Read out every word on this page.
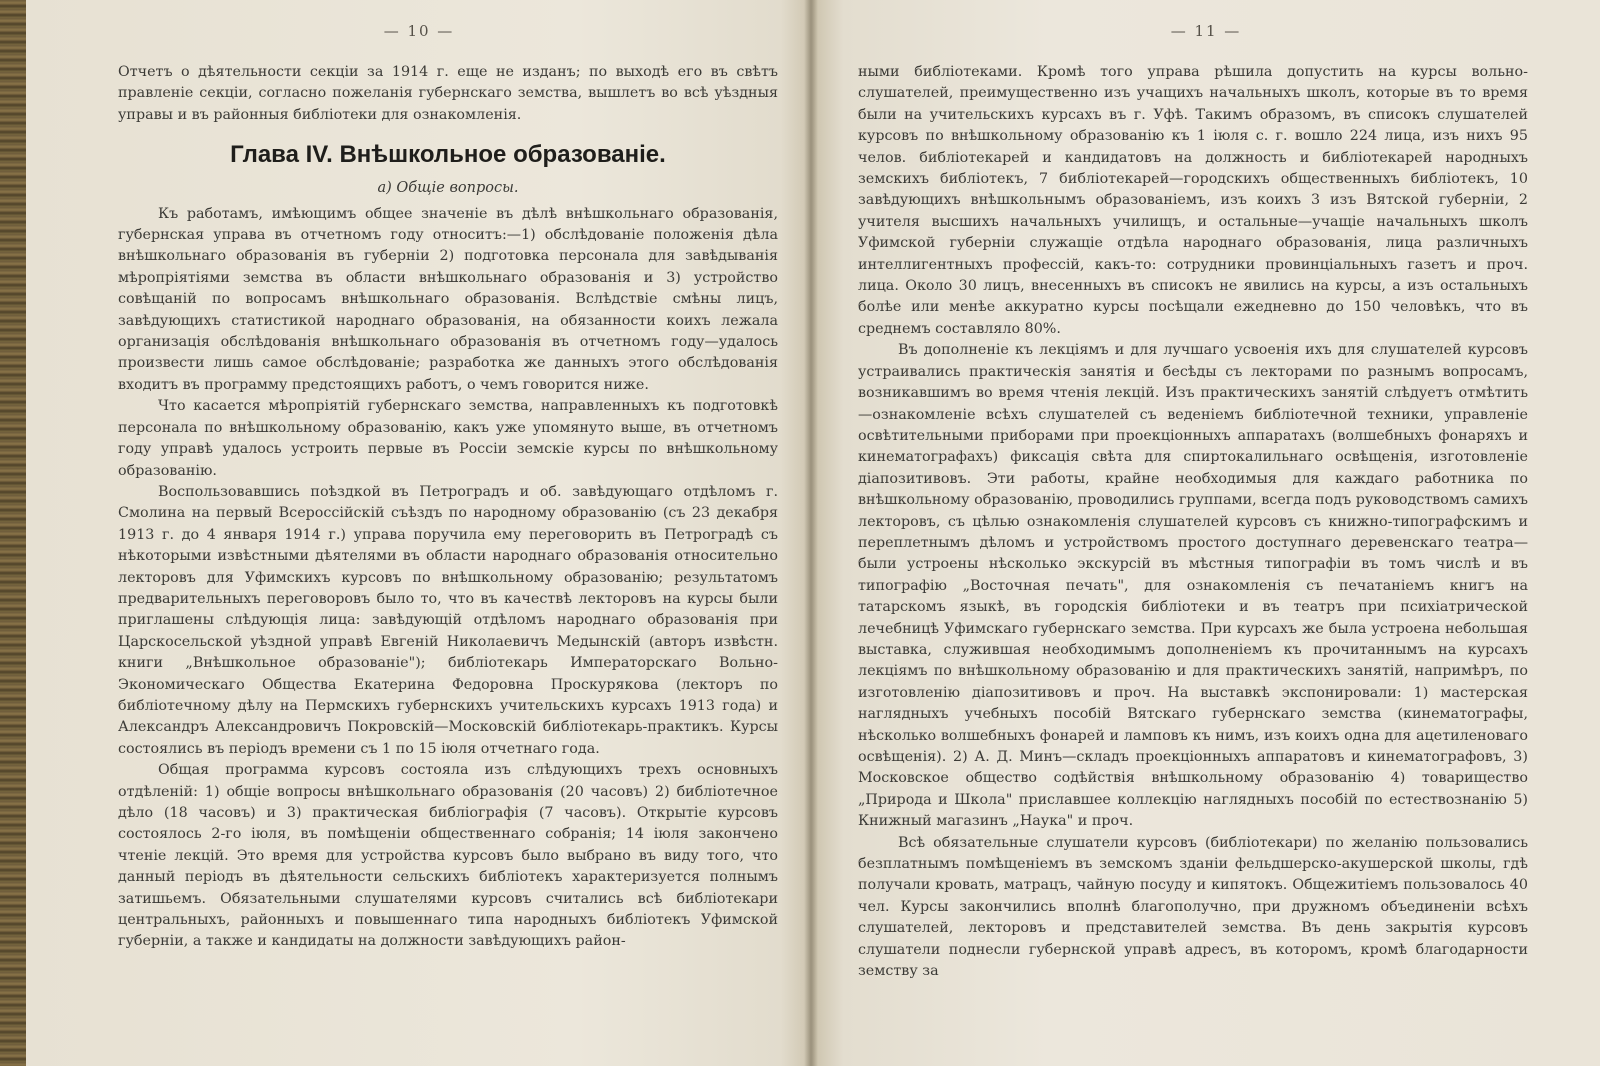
— 10 —

Отчетъ о дѣятельности секціи за 1914 г. еще не изданъ; по выходѣ его въ свѣтъ правленіе секціи, согласно пожеланія губернскаго земства, вышлетъ во всѣ уѣздныя управы и въ районныя библіотеки для ознакомленія.

Глава IV. Внѣшкольное образованіе.
а) Общіе вопросы.

Къ работамъ, имѣющимъ общее значеніе въ дѣлѣ внѣшкольнаго образованія, губернская управа въ отчетномъ году относитъ:—1) обслѣдованіе положенія дѣла внѣшкольнаго образованія въ губерніи 2) подготовка персонала для завѣдыванія мѣропріятіями земства въ области внѣшкольнаго образованія и 3) устройство совѣщаній по вопросамъ внѣшкольнаго образованія. Вслѣдствіе смѣны лицъ, завѣдующихъ статистикой народнаго образованія, на обязанности коихъ лежала организація обслѣдованія внѣшкольнаго образованія въ отчетномъ году—удалось произвести лишь самое обслѣдованіе; разработка же данныхъ этого обслѣдованія входитъ въ программу предстоящихъ работъ, о чемъ говорится ниже.

Что касается мѣропріятій губернскаго земства, направленныхъ къ подготовкѣ персонала по внѣшкольному образованію, какъ уже упомянуто выше, въ отчетномъ году управѣ удалось устроить первые въ Россіи земскіе курсы по внѣшкольному образованію.

Воспользовавшись поѣздкой въ Петроградъ и об. завѣдующаго отдѣломъ г. Смолина на первый Всероссійскій съѣздъ по народному образованію (съ 23 декабря 1913 г. до 4 января 1914 г.) управа поручила ему переговорить въ Петроградѣ съ нѣкоторыми извѣстными дѣятелями въ области народнаго образованія относительно лекторовъ для Уфимскихъ курсовъ по внѣшкольному образованію; результатомъ предварительныхъ переговоровъ было то, что въ качествѣ лекторовъ на курсы были приглашены слѣдующія лица: завѣдующій отдѣломъ народнаго образованія при Царскосельской уѣздной управѣ Евгеній Николаевичъ Медынскій (авторъ извѣстн. книги „Внѣшкольное образованіе"); библіотекарь Императорскаго Вольно-Экономическаго Общества Екатерина Федоровна Проскурякова (лекторъ по библіотечному дѣлу на Пермскихъ губернскихъ учительскихъ курсахъ 1913 года) и Александръ Александровичъ Покровскій—Московскій библіотекарь-практикъ. Курсы состоялись въ періодъ времени съ 1 по 15 іюля отчетнаго года.

Общая программа курсовъ состояла изъ слѣдующихъ трехъ основныхъ отдѣленій: 1) общіе вопросы внѣшкольнаго образованія (20 часовъ) 2) библіотечное дѣло (18 часовъ) и 3) практическая библіографія (7 часовъ). Открытіе курсовъ состоялось 2-го іюля, въ помѣщеніи общественнаго собранія; 14 іюля закончено чтеніе лекцій. Это время для устройства курсовъ было выбрано въ виду того, что данный періодъ въ дѣятельности сельскихъ библіотекъ характеризуется полнымъ затишьемъ. Обязательными слушателями курсовъ считались всѣ библіотекари центральныхъ, районныхъ и повышеннаго типа народныхъ библіотекъ Уфимской губерніи, а также и кандидаты на должности завѣдующихъ район-

— 11 —

ными библіотеками. Кромѣ того управа рѣшила допустить на курсы вольно-слушателей, преимущественно изъ учащихъ начальныхъ школъ, которые въ то время были на учительскихъ курсахъ въ г. Уфѣ. Такимъ образомъ, въ списокъ слушателей курсовъ по внѣшкольному образованію къ 1 іюля с. г. вошло 224 лица, изъ нихъ 95 челов. библіотекарей и кандидатовъ на должность и библіотекарей народныхъ земскихъ библіотекъ, 7 библіотекарей—городскихъ общественныхъ библіотекъ, 10 завѣдующихъ внѣшкольнымъ образованіемъ, изъ коихъ 3 изъ Вятской губерніи, 2 учителя высшихъ начальныхъ училищъ, и остальные—учащіе начальныхъ школъ Уфимской губерніи служащіе отдѣла народнаго образованія, лица различныхъ интеллигентныхъ профессій, какъ-то: сотрудники провинціальныхъ газетъ и проч. лица. Около 30 лицъ, внесенныхъ въ списокъ не явились на курсы, а изъ остальныхъ болѣе или менѣе аккуратно курсы посѣщали ежедневно до 150 человѣкъ, что въ среднемъ составляло 80%.

Въ дополненіе къ лекціямъ и для лучшаго усвоенія ихъ для слушателей курсовъ устраивались практическія занятія и бесѣды съ лекторами по разнымъ вопросамъ, возникавшимъ во время чтенія лекцій. Изъ практическихъ занятій слѣдуетъ отмѣтить—ознакомленіе всѣхъ слушателей съ веденіемъ библіотечной техники, управленіе освѣтительными приборами при проекціонныхъ аппаратахъ (волшебныхъ фонаряхъ и кинематографахъ) фиксація свѣта для спиртокалильнаго освѣщенія, изготовленіе діапозитивовъ. Эти работы, крайне необходимыя для каждаго работника по внѣшкольному образованію, проводились группами, всегда подъ руководствомъ самихъ лекторовъ, съ цѣлью ознакомленія слушателей курсовъ съ книжно-типографскимъ и переплетнымъ дѣломъ и устройствомъ простого доступнаго деревенскаго театра—были устроены нѣсколько экскурсій въ мѣстныя типографіи въ томъ числѣ и въ типографію „Восточная печать", для ознакомленія съ печатаніемъ книгъ на татарскомъ языкѣ, въ городскія библіотеки и въ театръ при психіатрической лечебницѣ Уфимскаго губернскаго земства. При курсахъ же была устроена небольшая выставка, служившая необходимымъ дополненіемъ къ прочитаннымъ на курсахъ лекціямъ по внѣшкольному образованію и для практическихъ занятій, напримѣръ, по изготовленію діапозитивовъ и проч. На выставкѣ экспонировали: 1) мастерская наглядныхъ учебныхъ пособій Вятскаго губернскаго земства (кинематографы, нѣсколько волшебныхъ фонарей и ламповъ къ нимъ, изъ коихъ одна для ацетиленоваго освѣщенія). 2) А. Д. Минъ—складъ проекціонныхъ аппаратовъ и кинематографовъ, 3) Московское общество содѣйствія внѣшкольному образованію 4) товарищество „Природа и Школа" приславшее коллекцію наглядныхъ пособій по естествознанію 5) Книжный магазинъ „Наука" и проч.

Всѣ обязательные слушатели курсовъ (библіотекари) по желанію пользовались безплатнымъ помѣщеніемъ въ земскомъ зданіи фельдшерско-акушерской школы, гдѣ получали кровать, матрацъ, чайную посуду и кипятокъ. Общежитіемъ пользовалось 40 чел. Курсы закончились вполнѣ благополучно, при дружномъ объединеніи всѣхъ слушателей, лекторовъ и представителей земства. Въ день закрытія курсовъ слушатели поднесли губернской управѣ адресъ, въ которомъ, кромѣ благодарности земству за
